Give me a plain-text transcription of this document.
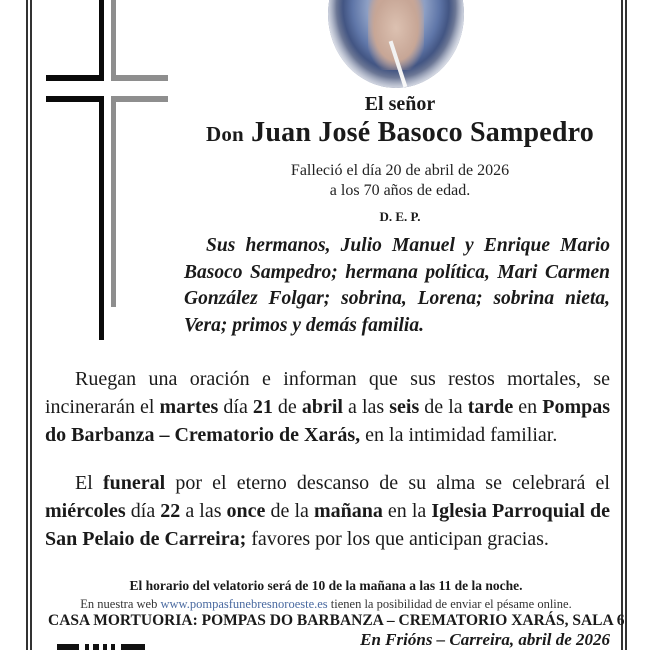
El señor
Don Juan José Basoco Sampedro
Falleció el día 20 de abril de 2026
a los 70 años de edad.
D. E. P.
Sus hermanos, Julio Manuel y Enrique Mario Basoco Sampedro; hermana política, Mari Carmen González Folgar; sobrina, Lorena; sobrina nieta, Vera; primos y demás familia.
Ruegan una oración e informan que sus restos mortales, se incinerarán el martes día 21 de abril a las seis de la tarde en Pompas do Barbanza – Crematorio de Xarás, en la intimidad familiar.
El funeral por el eterno descanso de su alma se celebrará el miércoles día 22 a las once de la mañana en la Iglesia Parroquial de San Pelaio de Carreira; favores por los que anticipan gracias.
El horario del velatorio será de 10 de la mañana a las 11 de la noche.
En nuestra web www.pompasfunebresnoroeste.es tienen la posibilidad de enviar el pésame online.
CASA MORTUORIA: POMPAS DO BARBANZA – CREMATORIO XARÁS, SALA 6
En Frións – Carreira, abril de 2026
